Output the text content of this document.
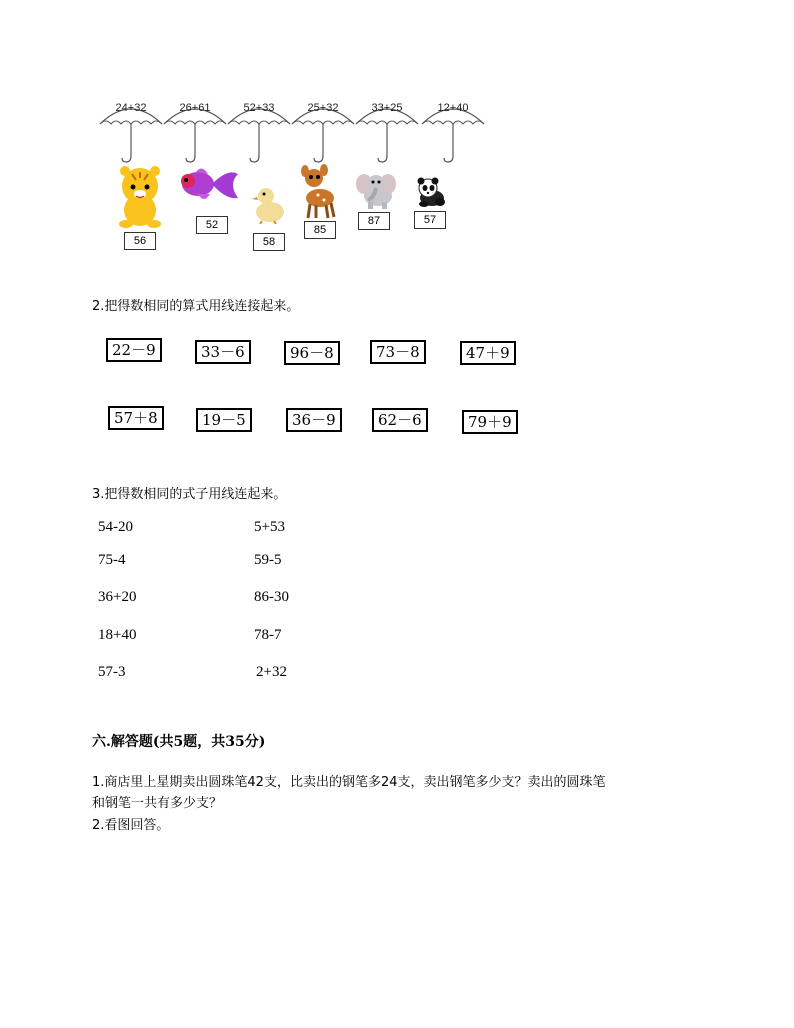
24+32	26+61	52+33	25+32	33+25	12+40
56
52
58
85
87	57
2.把得数相同的算式用线连接起来。
22－9	33－6	96－8	73－8	47＋9
57＋8	19－5	36－9	62－6	79＋9
3.把得数相同的式子用线连起来。
54-20
75-4
36+20
18+40
57-3
5+53
59-5
86-30
78-7
2+32
六.解答题(共5题，共35分)
1.商店里上星期卖出圆珠笔42支，比卖出的钢笔多24支，卖出钢笔多少支？卖出的圆珠笔
和钢笔一共有多少支？
2.看图回答。
